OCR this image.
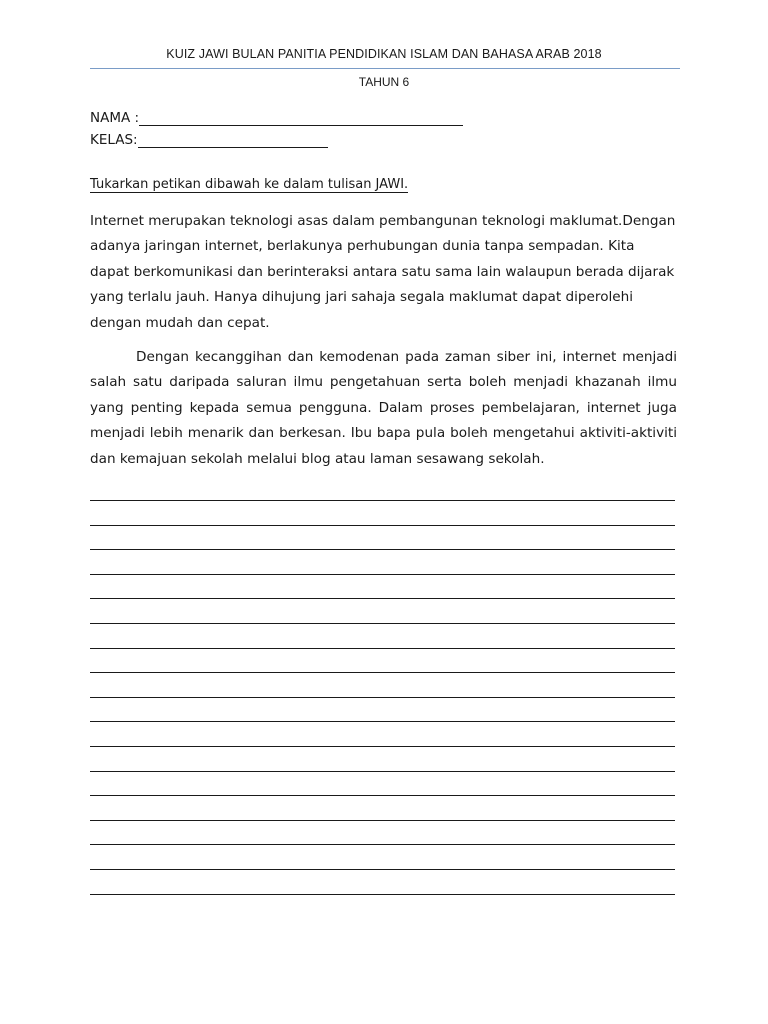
KUIZ JAWI BULAN PANITIA PENDIDIKAN ISLAM DAN BAHASA ARAB 2018
TAHUN 6
NAMA :
KELAS:
Tukarkan petikan dibawah ke dalam tulisan JAWI.

Internet merupakan teknologi asas dalam pembangunan teknologi maklumat.Dengan adanya jaringan internet, berlakunya perhubungan dunia tanpa sempadan. Kita dapat berkomunikasi dan berinteraksi antara satu sama lain walaupun berada dijarak yang terlalu jauh. Hanya dihujung jari sahaja segala maklumat dapat diperolehi dengan mudah dan cepat.

Dengan kecanggihan dan kemodenan pada zaman siber ini, internet menjadi salah satu daripada saluran ilmu pengetahuan serta boleh menjadi khazanah ilmu yang penting kepada semua pengguna. Dalam proses pembelajaran, internet juga menjadi lebih menarik dan berkesan. Ibu bapa pula boleh mengetahui aktiviti-aktiviti dan kemajuan sekolah melalui blog atau laman sesawang sekolah.
